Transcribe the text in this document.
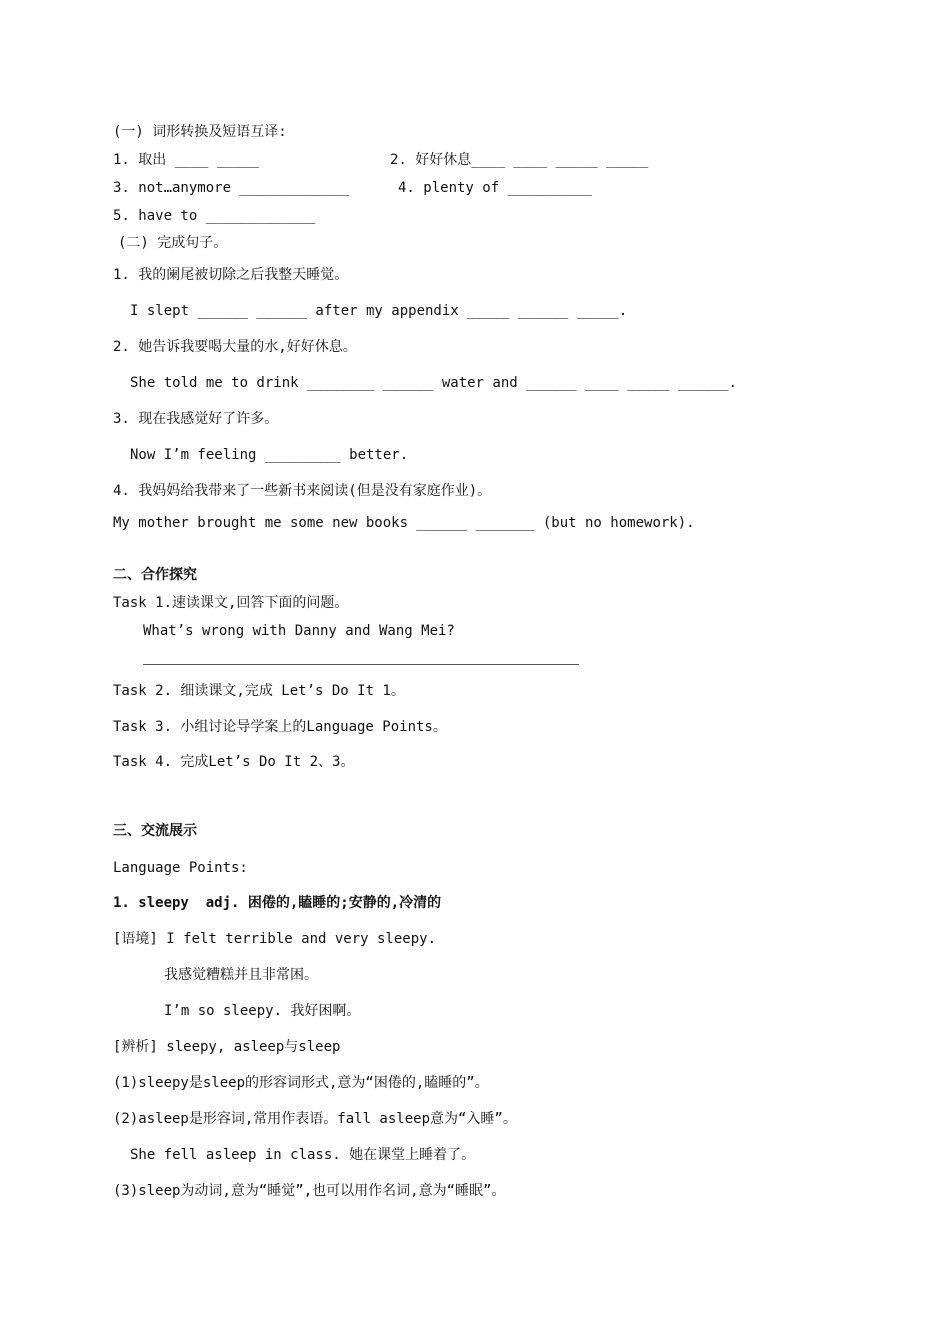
(一) 词形转换及短语互译:
1. 取出 ____ _____	2. 好好休息____ ____ _____ _____
3. not…anymore _____________	4. plenty of __________
5. have to _____________
(二) 完成句子。
1. 我的阑尾被切除之后我整天睡觉。
I slept ______ ______ after my appendix _____ ______ _____.
2. 她告诉我要喝大量的水,好好休息。
She told me to drink ________ ______ water and ______ ____ _____ ______.
3. 现在我感觉好了许多。
Now I’m feeling _________ better.
4. 我妈妈给我带来了一些新书来阅读(但是没有家庭作业)。
My mother brought me some new books ______ _______ (but no homework).
二、合作探究
Task 1.速读课文,回答下面的问题。
What’s wrong with Danny and Wang Mei?
Task 2. 细读课文,完成 Let’s Do It 1。
Task 3. 小组讨论导学案上的Language Points。
Task 4. 完成Let’s Do It 2、3。
三、交流展示
Language Points:
1. sleepy  adj. 困倦的,瞌睡的;安静的,冷清的
[语境] I felt terrible and very sleepy.
我感觉糟糕并且非常困。
I’m so sleepy. 我好困啊。
[辨析] sleepy, asleep与sleep
(1)sleepy是sleep的形容词形式,意为“困倦的,瞌睡的”。
(2)asleep是形容词,常用作表语。fall asleep意为“入睡”。
She fell asleep in class. 她在课堂上睡着了。
(3)sleep为动词,意为“睡觉”,也可以用作名词,意为“睡眠”。
